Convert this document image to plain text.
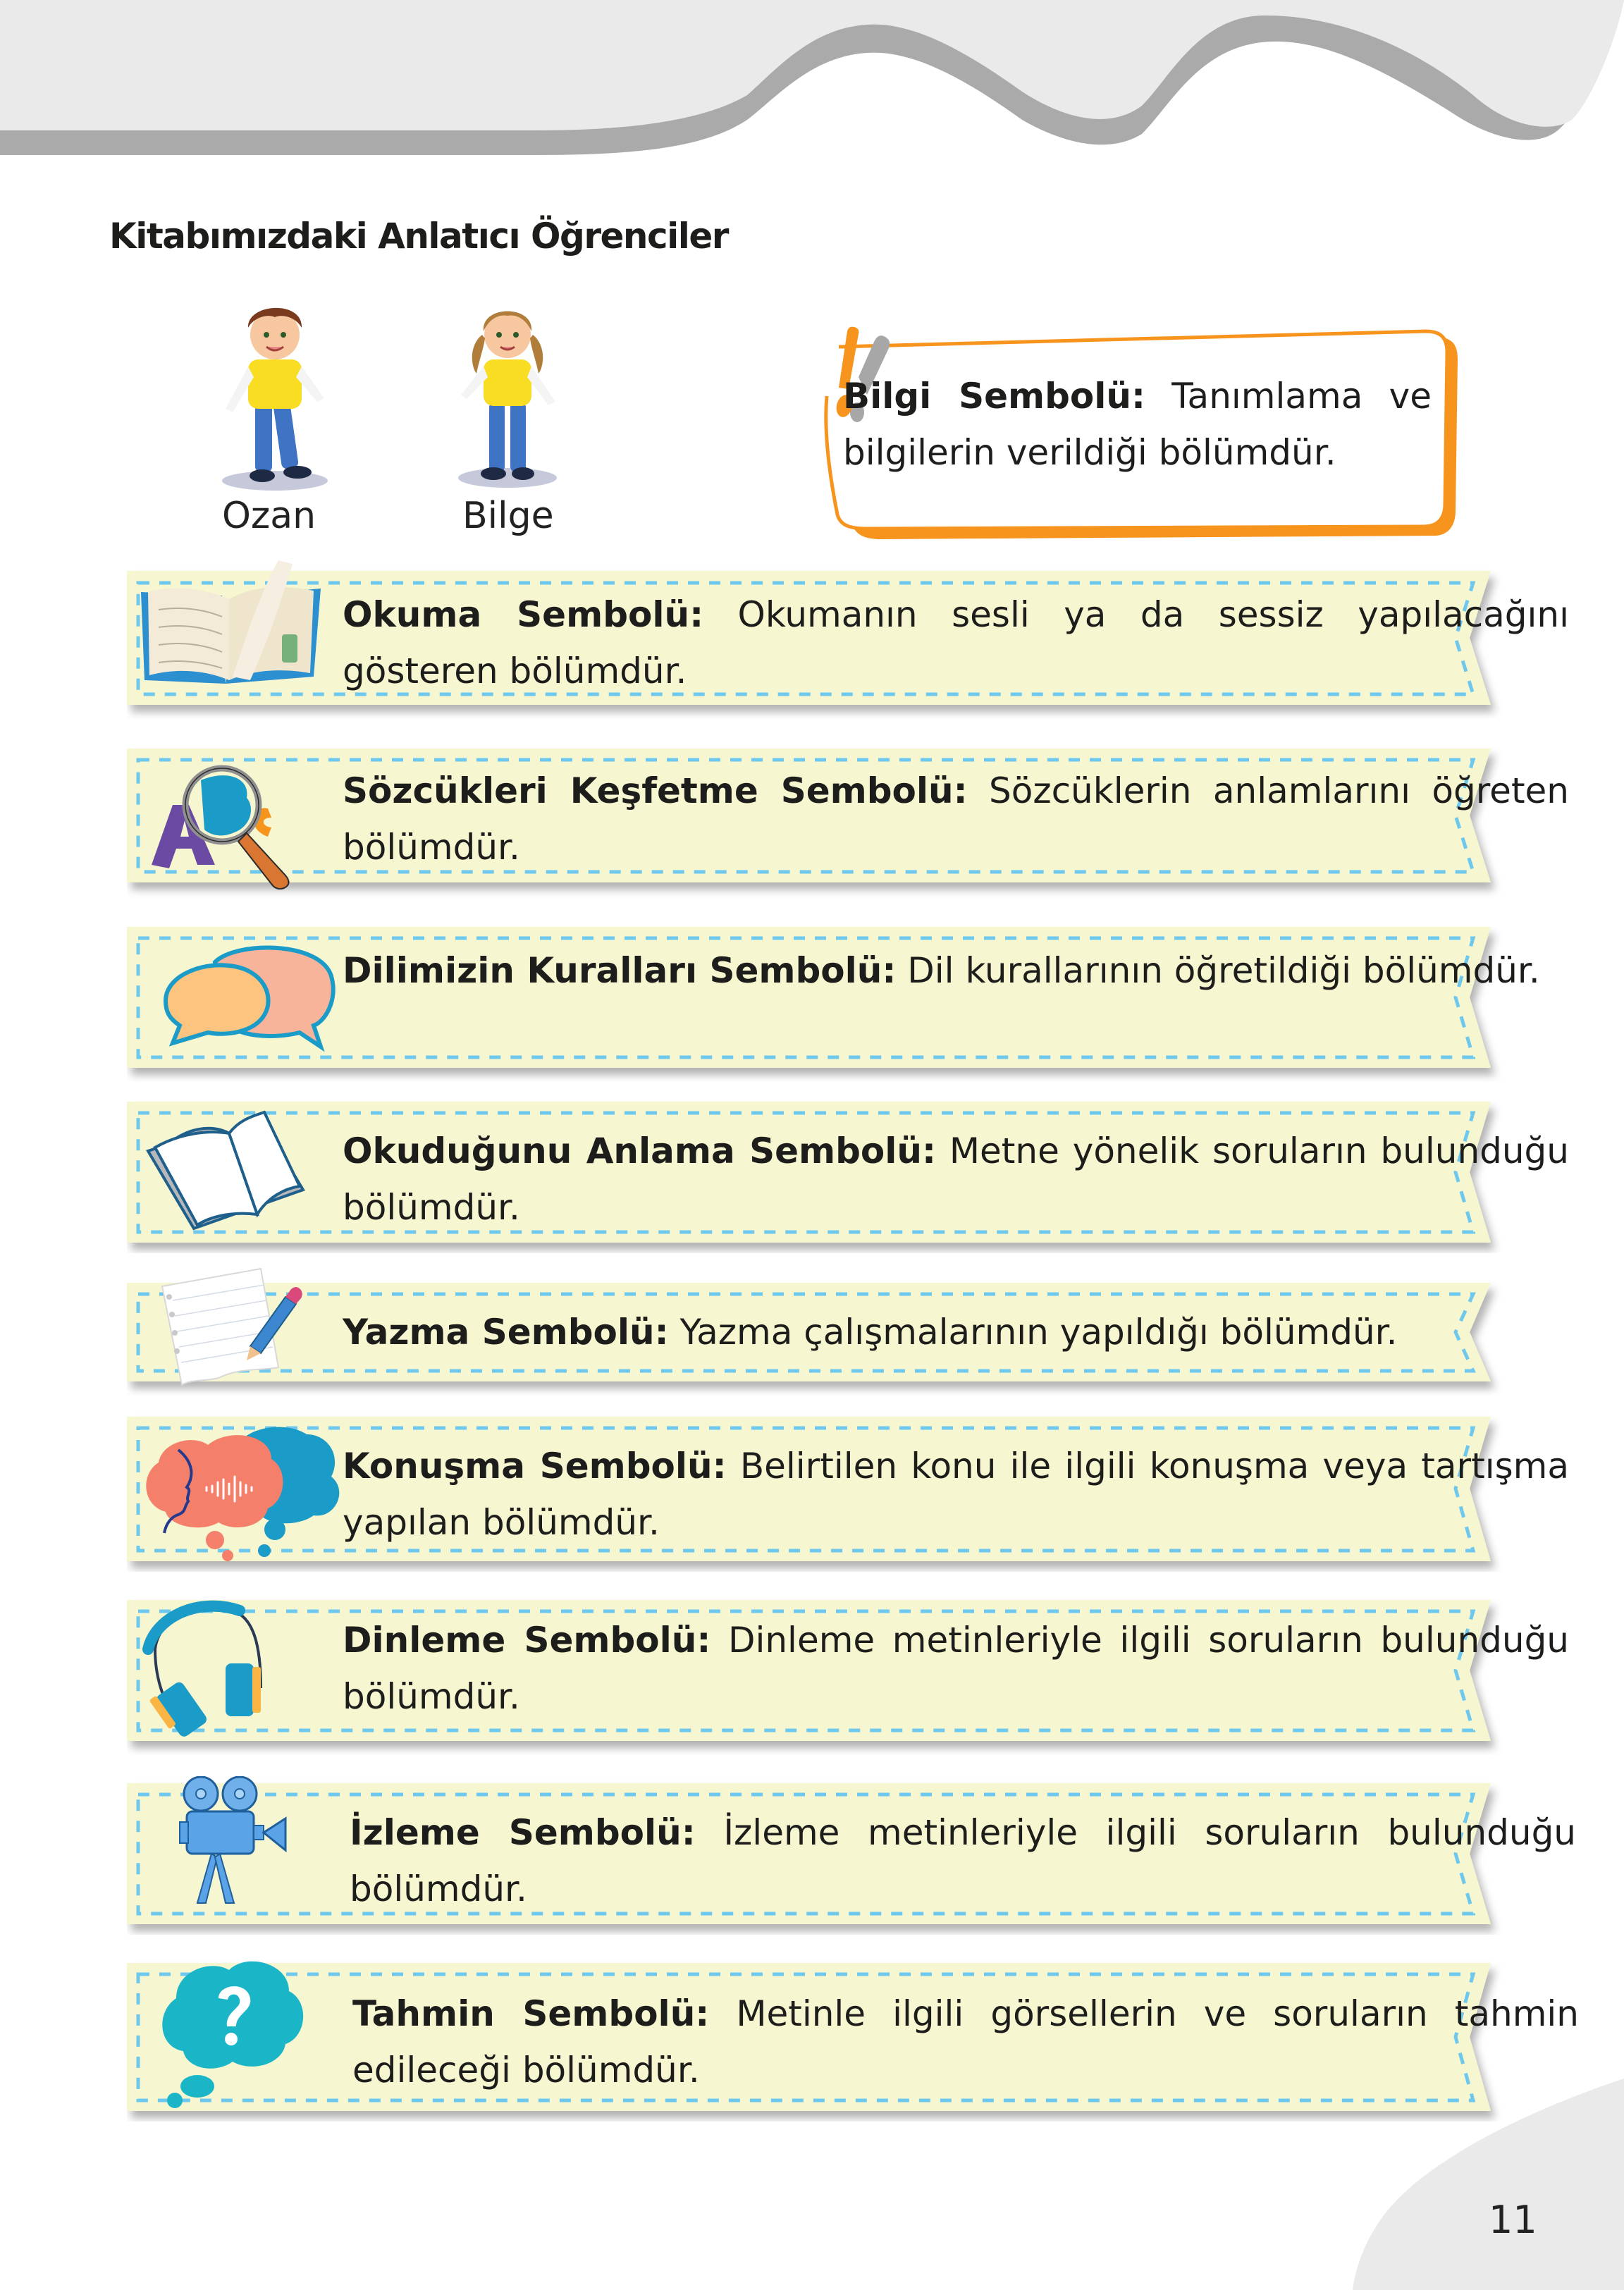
Kitabımızdaki Anlatıcı Öğrenciler
Ozan	Bilge
Bilgi Sembolü: Tanımlama ve bilgilerin verildiği bölümdür.
Okuma Sembolü: Okumanın sesli ya da sessiz yapılacağını gösteren bölümdür.
Sözcükleri Keşfetme Sembolü: Sözcüklerin anlamlarını öğreten bölümdür.
Dilimizin Kuralları Sembolü: Dil kurallarının öğretildiği bölümdür.
Okuduğunu Anlama Sembolü: Metne yönelik soruların bulunduğu bölümdür.
Yazma Sembolü: Yazma çalışmalarının yapıldığı bölümdür.
Konuşma Sembolü: Belirtilen konu ile ilgili konuşma veya tartışma yapılan bölümdür.
Dinleme Sembolü: Dinleme metinleriyle ilgili soruların bulunduğu bölümdür.
İzleme Sembolü: İzleme metinleriyle ilgili soruların bulunduğu bölümdür.
Tahmin Sembolü: Metinle ilgili görsellerin ve soruların tahmin edileceği bölümdür.
11
